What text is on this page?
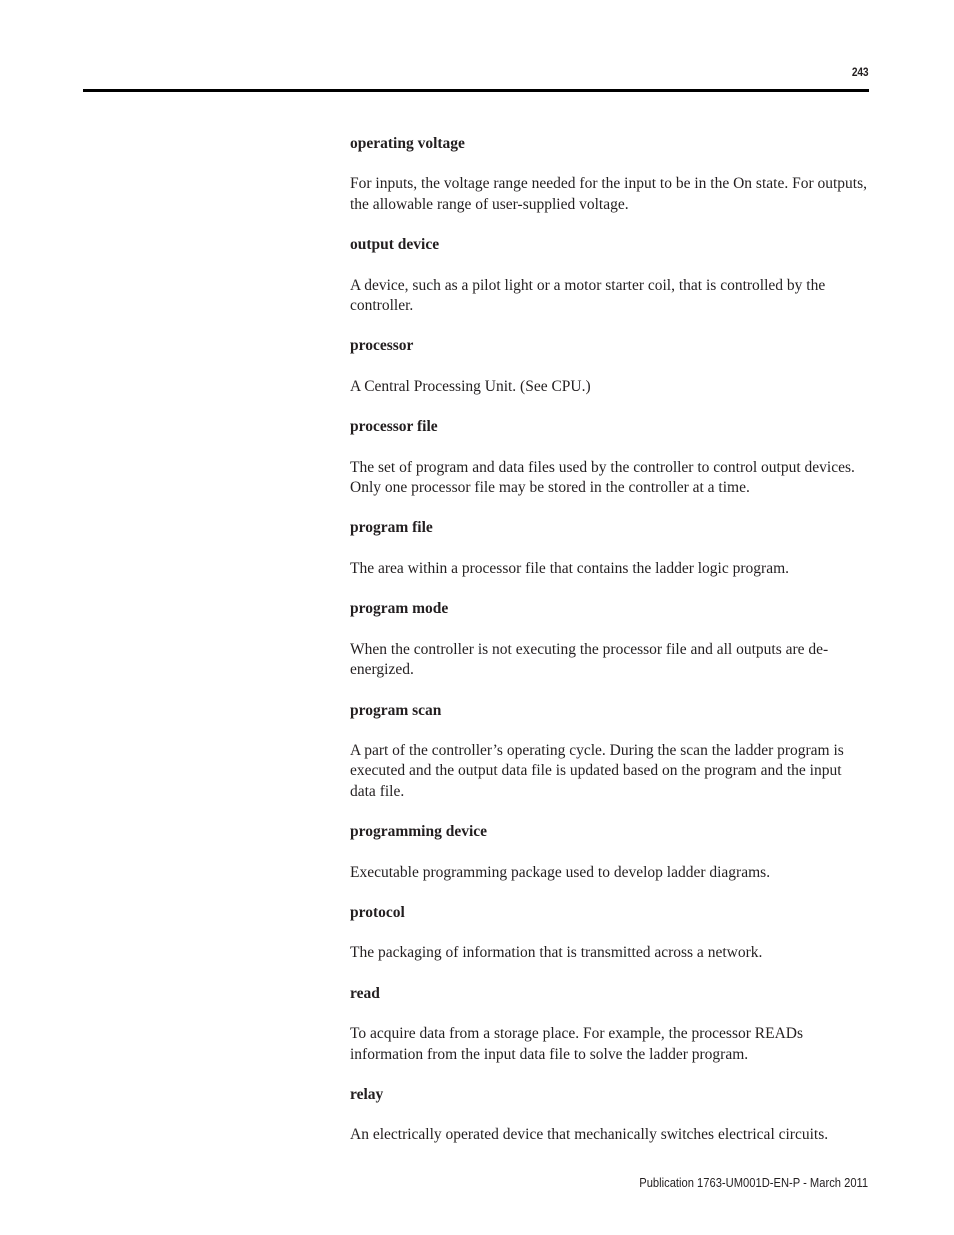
243

operating voltage

For inputs, the voltage range needed for the input to be in the On state. For outputs, the allowable range of user-supplied voltage.

output device

A device, such as a pilot light or a motor starter coil, that is controlled by the controller.

processor

A Central Processing Unit. (See CPU.)

processor file

The set of program and data files used by the controller to control output devices. Only one processor file may be stored in the controller at a time.

program file

The area within a processor file that contains the ladder logic program.

program mode

When the controller is not executing the processor file and all outputs are de-energized.

program scan

A part of the controller’s operating cycle. During the scan the ladder program is executed and the output data file is updated based on the program and the input data file.

programming device

Executable programming package used to develop ladder diagrams.

protocol

The packaging of information that is transmitted across a network.

read

To acquire data from a storage place. For example, the processor READs information from the input data file to solve the ladder program.

relay

An electrically operated device that mechanically switches electrical circuits.

Publication 1763-UM001D-EN-P - March 2011
